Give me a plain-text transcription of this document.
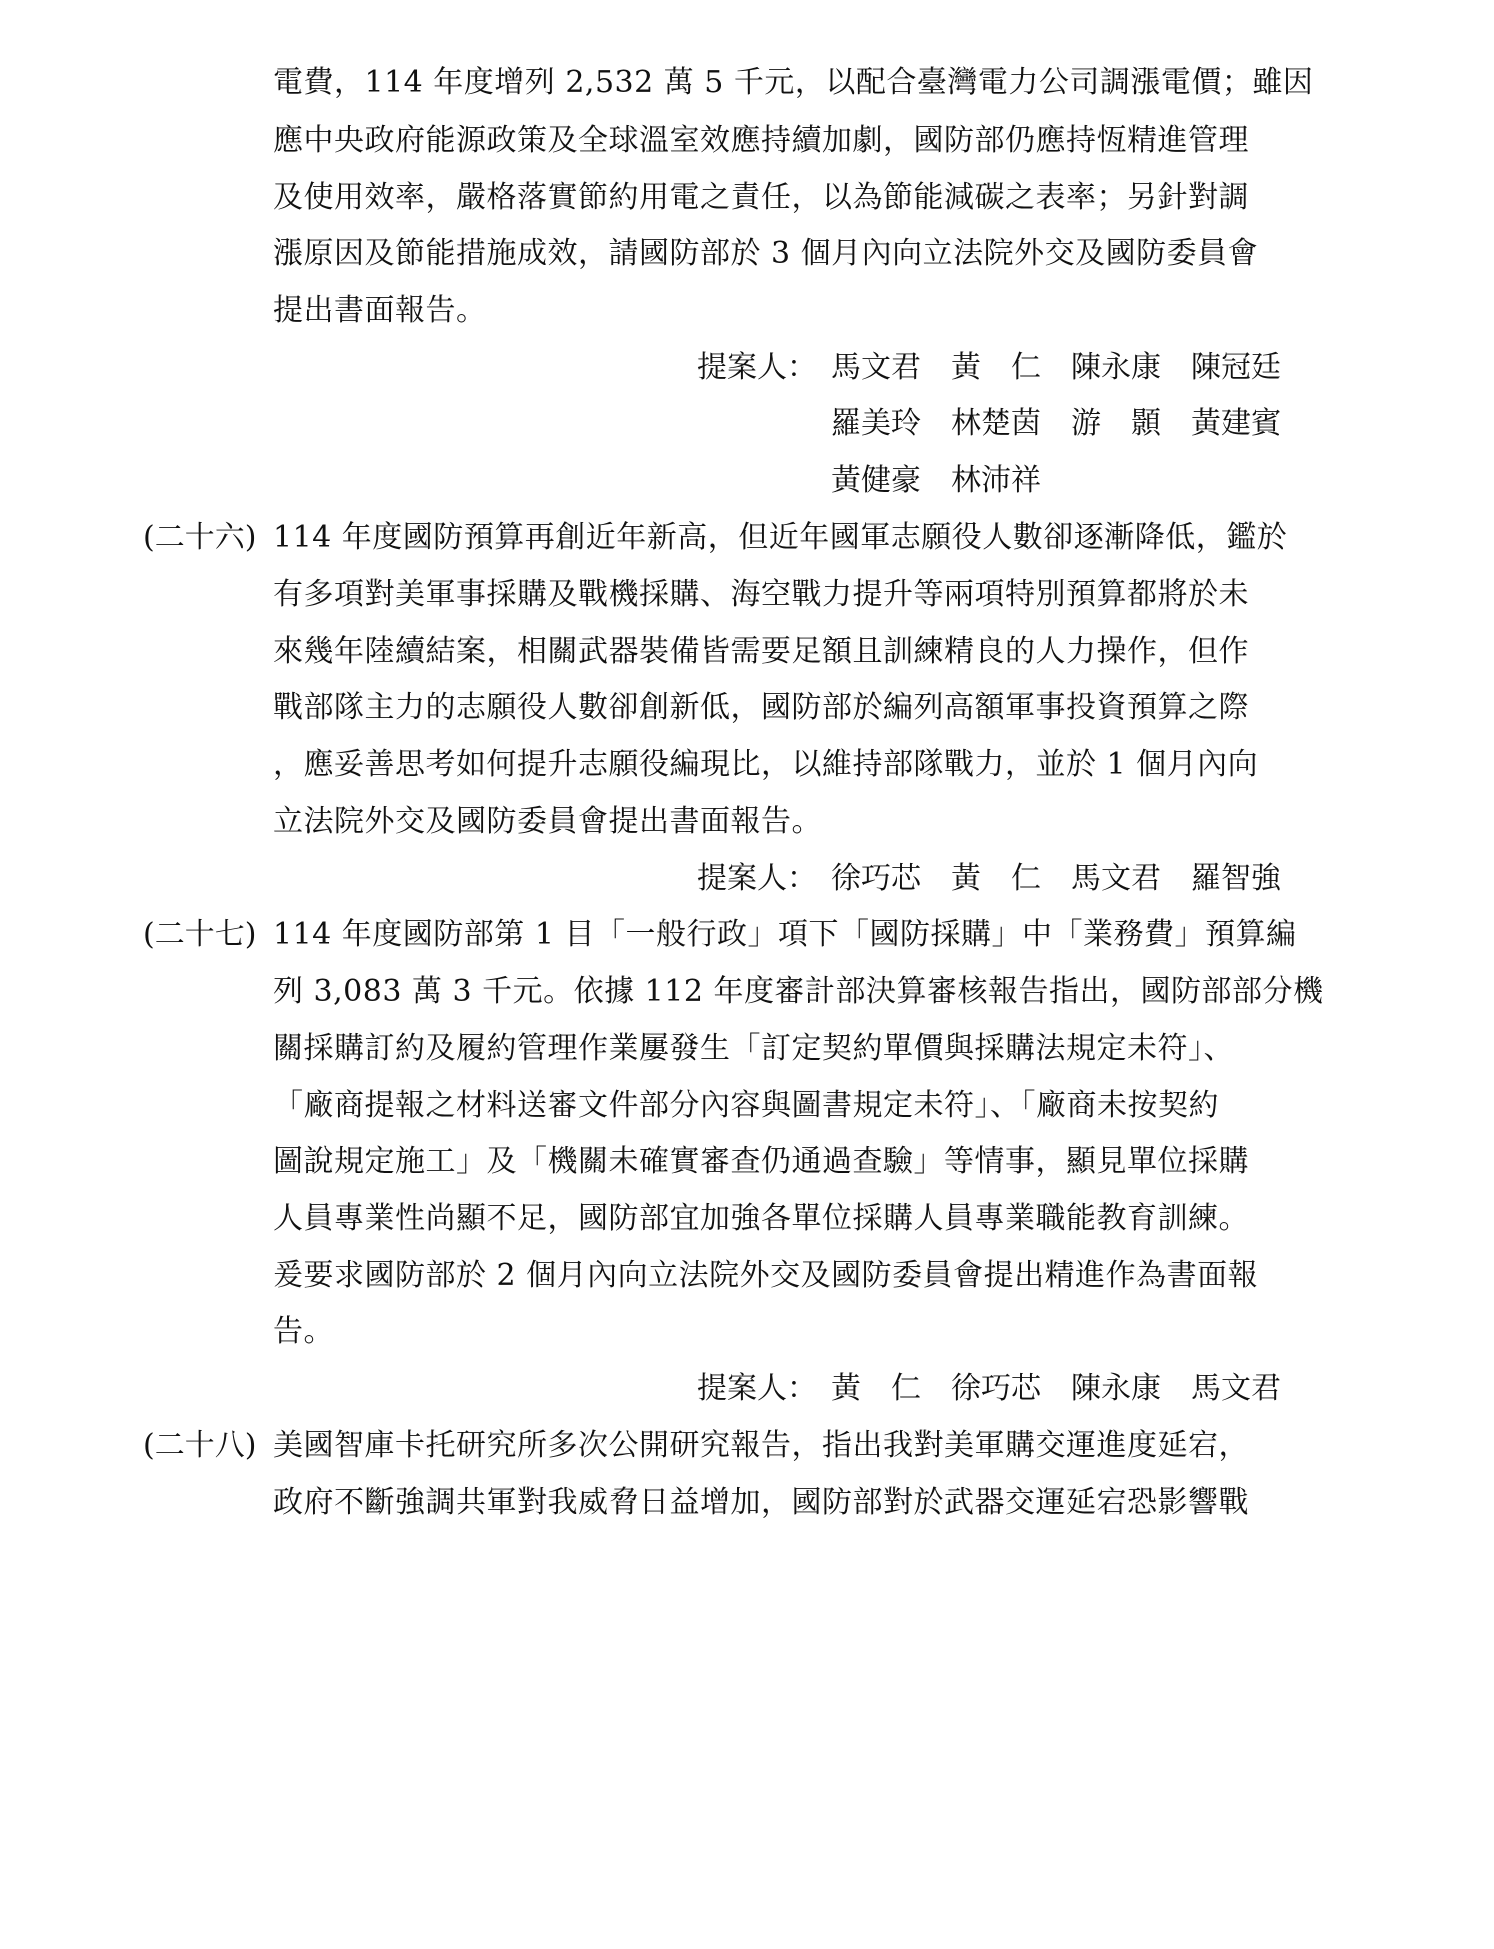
電費，114 年度增列 2,532 萬 5 千元，以配合臺灣電力公司調漲電價；雖因
應中央政府能源政策及全球溫室效應持續加劇，國防部仍應持恆精進管理
及使用效率，嚴格落實節約用電之責任，以為節能減碳之表率；另針對調
漲原因及節能措施成效，請國防部於 3 個月內向立法院外交及國防委員會
提出書面報告。
提案人： 馬文君　黃　仁　陳永康　陳冠廷
羅美玲　林楚茵　游　顥　黃建賓
黃健豪　林沛祥
(二十六) 114 年度國防預算再創近年新高，但近年國軍志願役人數卻逐漸降低，鑑於
有多項對美軍事採購及戰機採購、海空戰力提升等兩項特別預算都將於未
來幾年陸續結案，相關武器裝備皆需要足額且訓練精良的人力操作，但作
戰部隊主力的志願役人數卻創新低，國防部於編列高額軍事投資預算之際
，應妥善思考如何提升志願役編現比，以維持部隊戰力，並於 1 個月內向
立法院外交及國防委員會提出書面報告。
提案人： 徐巧芯　黃　仁　馬文君　羅智強
(二十七) 114 年度國防部第 1 目「一般行政」項下「國防採購」中「業務費」預算編
列 3,083 萬 3 千元。依據 112 年度審計部決算審核報告指出，國防部部分機
關採購訂約及履約管理作業屢發生「訂定契約單價與採購法規定未符」、
「廠商提報之材料送審文件部分內容與圖書規定未符」、「廠商未按契約
圖說規定施工」及「機關未確實審查仍通過查驗」等情事，顯見單位採購
人員專業性尚顯不足，國防部宜加強各單位採購人員專業職能教育訓練。
爰要求國防部於 2 個月內向立法院外交及國防委員會提出精進作為書面報
告。
提案人： 黃　仁　徐巧芯　陳永康　馬文君
(二十八) 美國智庫卡托研究所多次公開研究報告，指出我對美軍購交運進度延宕，
政府不斷強調共軍對我威脅日益增加，國防部對於武器交運延宕恐影響戰
